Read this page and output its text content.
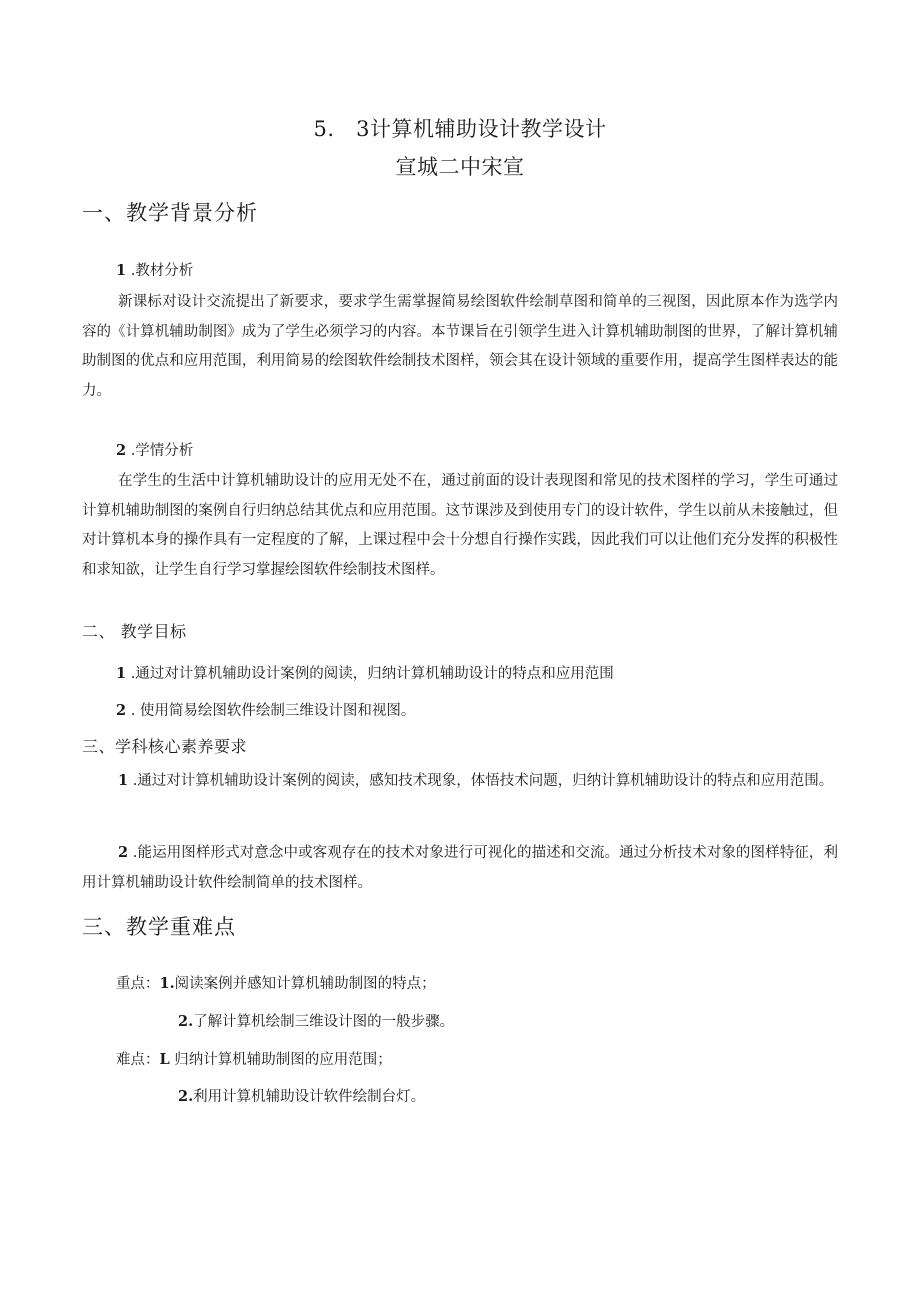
5.　3计算机辅助设计教学设计
宣城二中宋宣
一、教学背景分析
1 .教材分析

新课标对设计交流提出了新要求，要求学生需掌握简易绘图软件绘制草图和简单的三视图，因此原本作为选学内容的《计算机辅助制图》成为了学生必须学习的内容。本节课旨在引领学生进入计算机辅助制图的世界，了解计算机辅助制图的优点和应用范围，利用简易的绘图软件绘制技术图样，领会其在设计领域的重要作用，提高学生图样表达的能力。

2 .学情分析

在学生的生活中计算机辅助设计的应用无处不在，通过前面的设计表现图和常见的技术图样的学习，学生可通过计算机辅助制图的案例自行归纳总结其优点和应用范围。这节课涉及到使用专门的设计软件，学生以前从未接触过，但对计算机本身的操作具有一定程度的了解，上课过程中会十分想自行操作实践，因此我们可以让他们充分发挥的积极性和求知欲，让学生自行学习掌握绘图软件绘制技术图样。

二、 教学目标
1 .通过对计算机辅助设计案例的阅读，归纳计算机辅助设计的特点和应用范围
2 . 使用简易绘图软件绘制三维设计图和视图。
三、学科核心素养要求

1 .通过对计算机辅助设计案例的阅读，感知技术现象，体悟技术问题，归纳计算机辅助设计的特点和应用范围。

2 .能运用图样形式对意念中或客观存在的技术对象进行可视化的描述和交流。通过分析技术对象的图样特征，利用计算机辅助设计软件绘制简单的技术图样。

三、教学重难点
重点：1.阅读案例并感知计算机辅助制图的特点；
2.了解计算机绘制三维设计图的一般步骤。
难点：L 归纳计算机辅助制图的应用范围；
2.利用计算机辅助设计软件绘制台灯。
